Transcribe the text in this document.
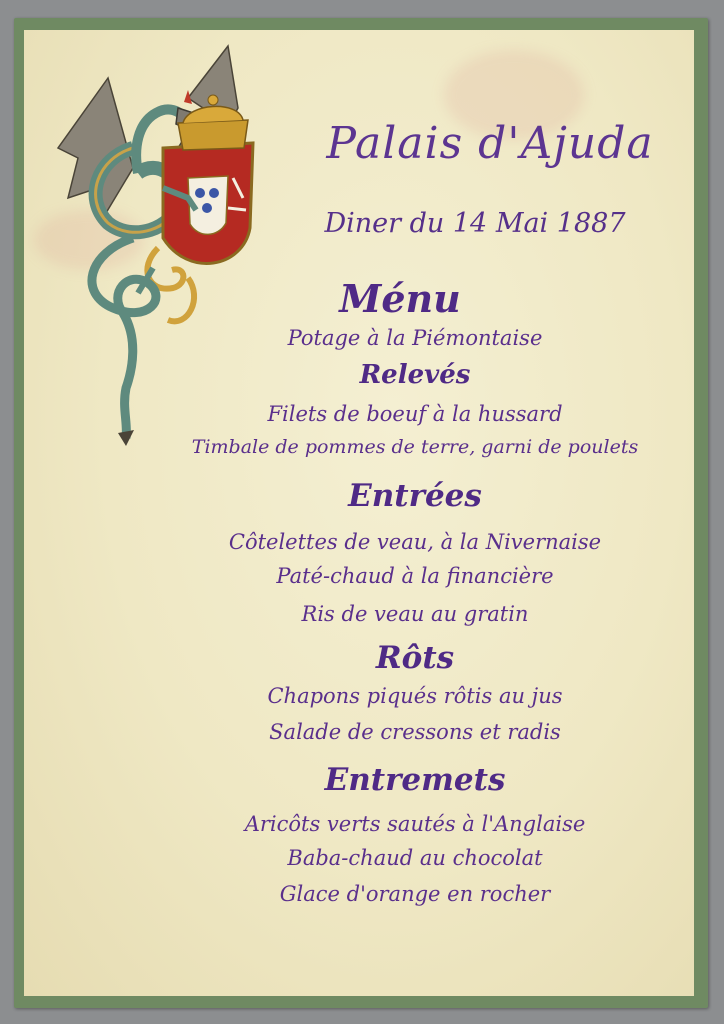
Palais d'Ajuda
Diner du 14 Mai 1887
Ménu
Potage à la Piémontaise
Relevés
Filets de boeuf à la hussard
Timbale de pommes de terre, garni de poulets
Entrées
Côtelettes de veau, à la Nivernaise
Paté-chaud à la financière
Ris de veau au gratin
Rôts
Chapons piqués rôtis au jus
Salade de cressons et radis
Entremets
Aricôts verts sautés à l'Anglaise
Baba-chaud au chocolat
Glace d'orange en rocher
